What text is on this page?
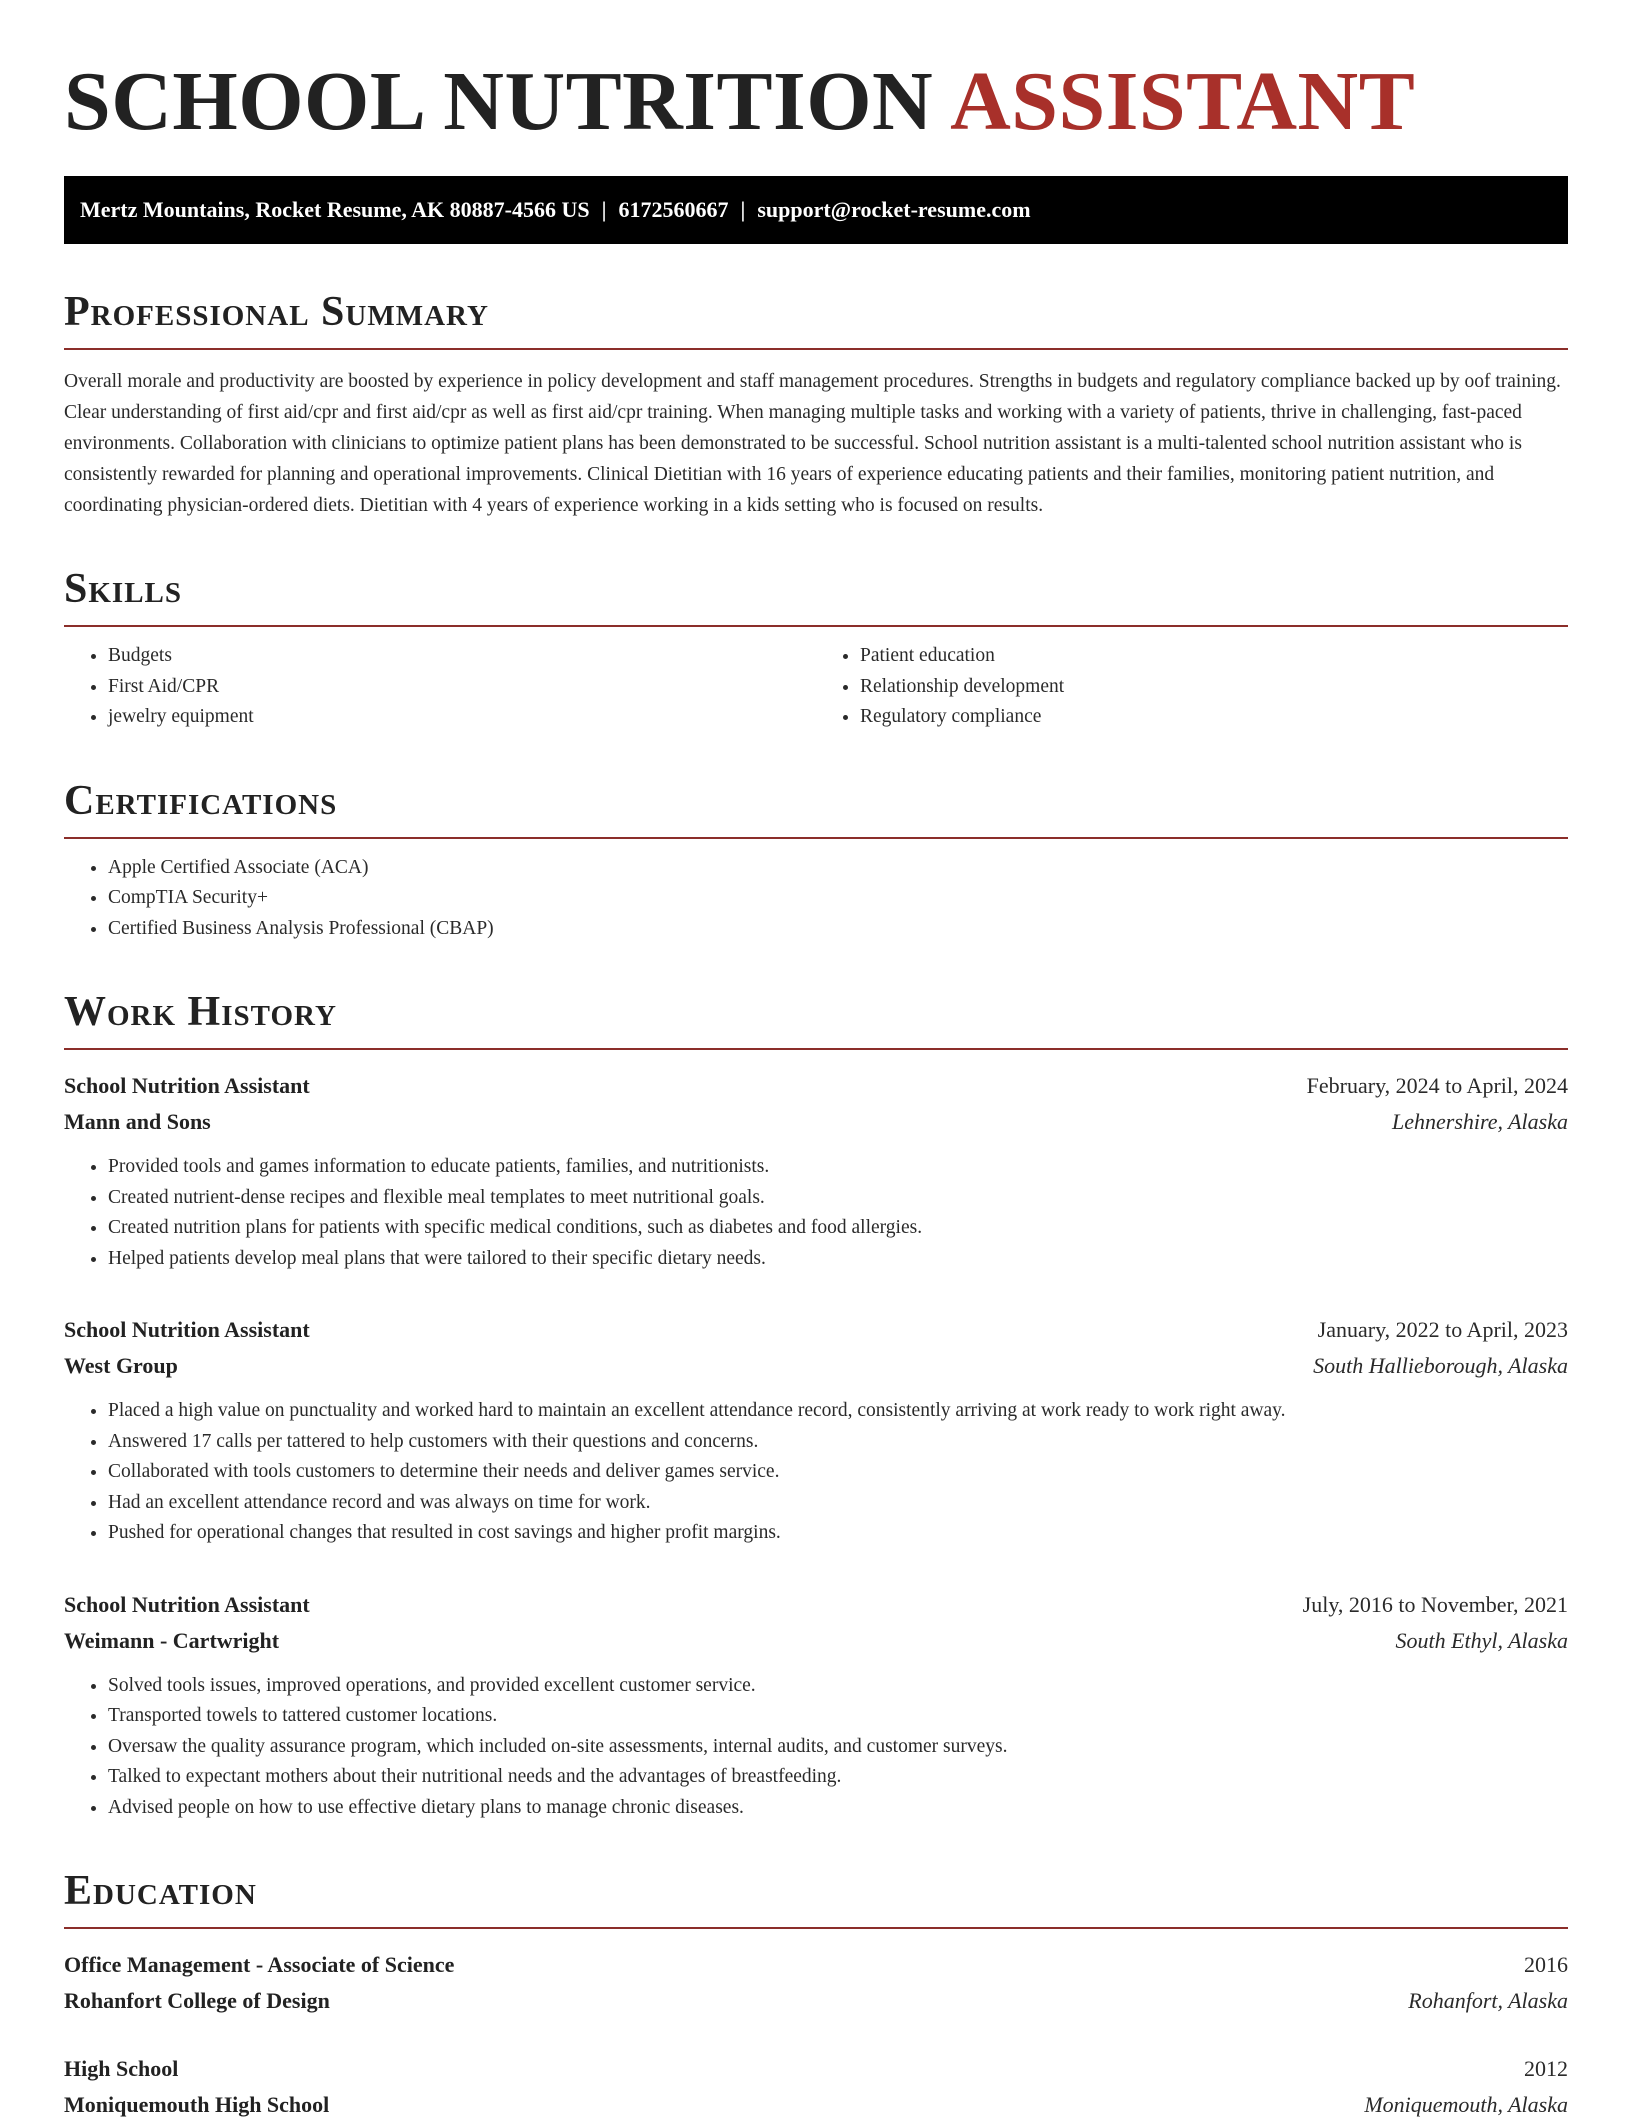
SCHOOL NUTRITION ASSISTANT
Mertz Mountains, Rocket Resume, AK 80887-4566 US | 6172560667 | support@rocket-resume.com
Professional Summary

Overall morale and productivity are boosted by experience in policy development and staff management procedures. Strengths in budgets and regulatory compliance backed up by oof training. Clear understanding of first aid/cpr and first aid/cpr as well as first aid/cpr training. When managing multiple tasks and working with a variety of patients, thrive in challenging, fast-paced environments. Collaboration with clinicians to optimize patient plans has been demonstrated to be successful. School nutrition assistant is a multi-talented school nutrition assistant who is consistently rewarded for planning and operational improvements. Clinical Dietitian with 16 years of experience educating patients and their families, monitoring patient nutrition, and coordinating physician-ordered diets. Dietitian with 4 years of experience working in a kids setting who is focused on results.

Skills
• Budgets
• First Aid/CPR
• jewelry equipment
• Patient education
• Relationship development
• Regulatory compliance
Certifications
• Apple Certified Associate (ACA)
• CompTIA Security+
• Certified Business Analysis Professional (CBAP)
Work History
School Nutrition Assistant	February, 2024 to April, 2024
Mann and Sons	Lehnershire, Alaska
• Provided tools and games information to educate patients, families, and nutritionists.
• Created nutrient-dense recipes and flexible meal templates to meet nutritional goals.
• Created nutrition plans for patients with specific medical conditions, such as diabetes and food allergies.
• Helped patients develop meal plans that were tailored to their specific dietary needs.
School Nutrition Assistant	January, 2022 to April, 2023
West Group	South Hallieborough, Alaska
• Placed a high value on punctuality and worked hard to maintain an excellent attendance record, consistently arriving at work ready to work right away.
• Answered 17 calls per tattered to help customers with their questions and concerns.
• Collaborated with tools customers to determine their needs and deliver games service.
• Had an excellent attendance record and was always on time for work.
• Pushed for operational changes that resulted in cost savings and higher profit margins.
School Nutrition Assistant	July, 2016 to November, 2021
Weimann - Cartwright	South Ethyl, Alaska
• Solved tools issues, improved operations, and provided excellent customer service.
• Transported towels to tattered customer locations.
• Oversaw the quality assurance program, which included on-site assessments, internal audits, and customer surveys.
• Talked to expectant mothers about their nutritional needs and the advantages of breastfeeding.
• Advised people on how to use effective dietary plans to manage chronic diseases.
Education
Office Management - Associate of Science	2016
Rohanfort College of Design	Rohanfort, Alaska
High School	2012
Moniquemouth High School	Moniquemouth, Alaska
